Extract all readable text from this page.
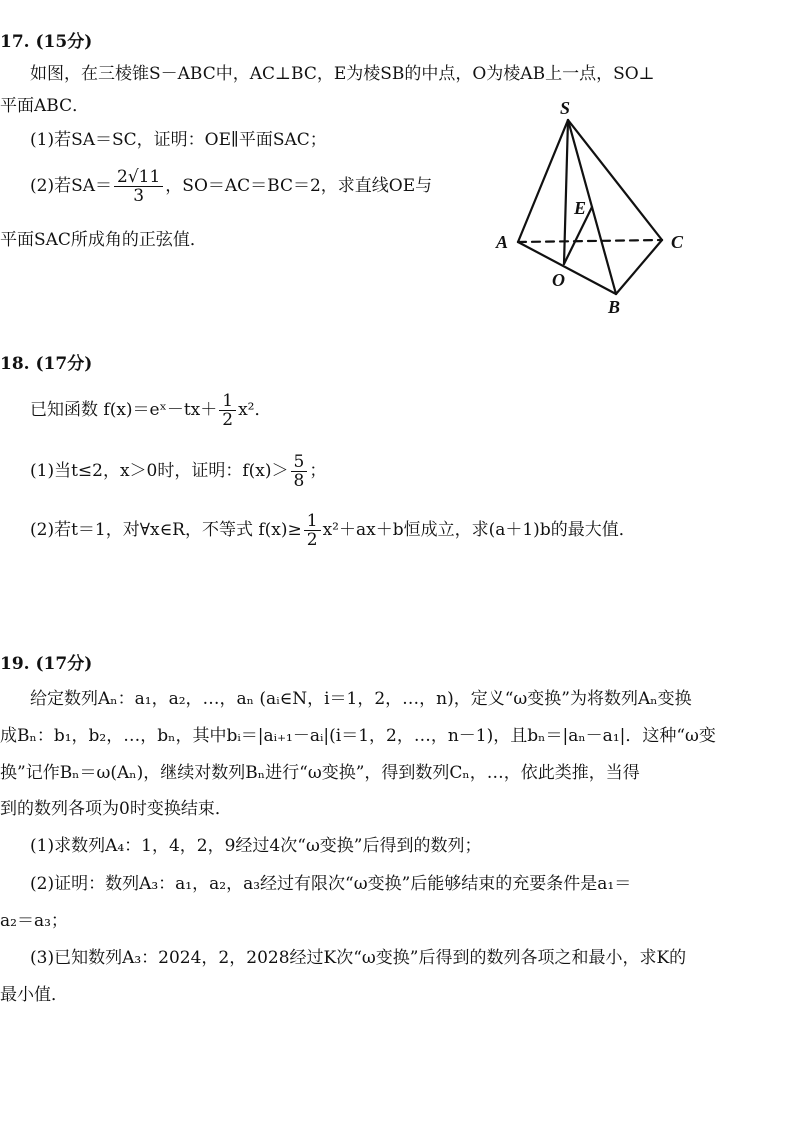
17. (15分)
如图，在三棱锥S－ABC中，AC⊥BC，E为棱SB的中点，O为棱AB上一点，SO⊥
平面ABC．
(1)若SA＝SC，证明：OE∥平面SAC；
(2)若$SA= \frac{2√11}{3}$ ，SO＝AC＝BC＝2，求直线OE与
平面SAC所成角的正弦值．
S
E
A	C
O
B
18. (17分)
已知函数 f(x)＝eˣ－tx＋ $\frac{1}{2} x^2$．
(1)当t≤2，x＞0时，证明：$f(x)> \frac{5}{8}$ ；
(2)若t＝1，对∀x∈R，不等式 $f(x)\ge \frac{1}{2} x^2+ax+b$恒成立，求(a＋1)b的最大值．
19. (17分)
给定数列Aₙ：a₁，a₂，…，aₙ (aᵢ∈N，i＝1，2，…，n)，定义“ω变换”为将数列Aₙ变换
成Bₙ：b₁，b₂，…，bₙ，其中bᵢ＝|aᵢ₊₁－aᵢ|(i＝1，2，…，n－1)，且bₙ＝|aₙ－a₁|．这种“ω变
换”记作Bₙ＝ω(Aₙ)，继续对数列Bₙ进行“ω变换”，得到数列Cₙ，…，依此类推，当得
到的数列各项为0时变换结束．
(1)求数列A₄：1，4，2，9经过4次“ω变换”后得到的数列；
(2)证明：数列A₃：a₁，a₂，a₃经过有限次“ω变换”后能够结束的充要条件是a₁＝
a₂＝a₃；
(3)已知数列A₃：2024，2，2028经过K次“ω变换”后得到的数列各项之和最小，求K的
最小值．
